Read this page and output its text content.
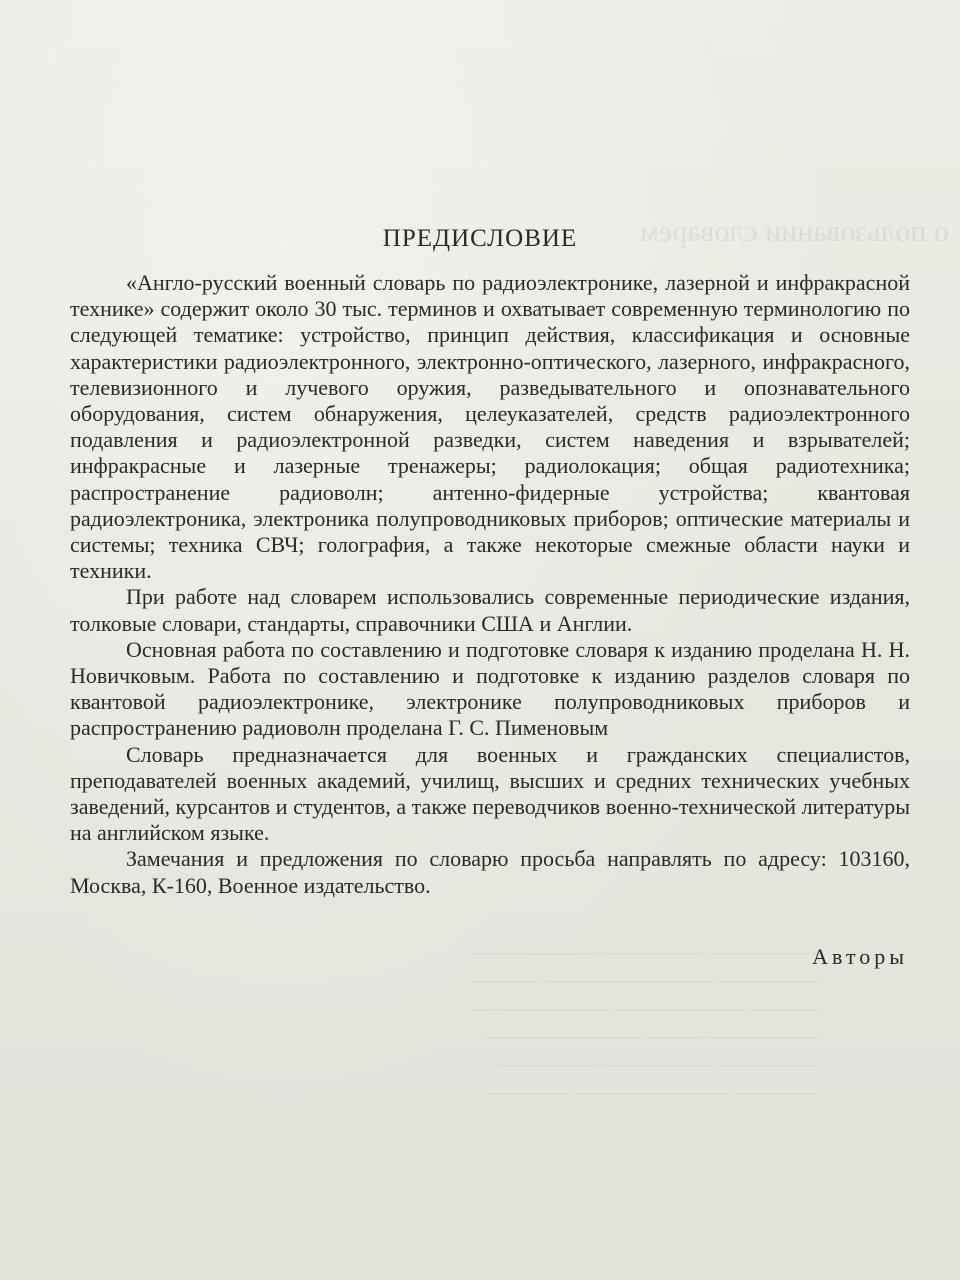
о пользовании словарем
──────── ─────── ─────────
─────── ──────────── ─────
───── ───────── ──────────
──────── ──── ───────────
─────── ──────── ───────
────── ─────────── ──────
ПРЕДИСЛОВИЕ

«Англо-русский военный словарь по радиоэлектронике, лазерной и инфракрасной технике» содержит около 30 тыс. терминов и охватывает современную терминологию по следующей тематике: устройство, принцип действия, классификация и основные характеристики радиоэлектронного, электронно-оптического, лазерного, инфракрасного, телевизионного и лучевого оружия, разведывательного и опознавательного оборудования, систем обнаружения, целеуказателей, средств радиоэлектронного подавления и радиоэлектронной разведки, систем наведения и взрывателей; инфракрасные и лазерные тренажеры; радиолокация; общая радиотехника; распространение радиоволн; антенно-фидерные устройства; квантовая радиоэлектроника, электроника полупроводниковых приборов; оптические материалы и системы; техника СВЧ; голография, а также некоторые смежные области науки и техники.

При работе над словарем использовались современные периодические издания, толковые словари, стандарты, справочники США и Англии.

Основная работа по составлению и подготовке словаря к изданию проделана Н. Н. Новичковым. Работа по составлению и подготовке к изданию разделов словаря по квантовой радиоэлектронике, электронике полупроводниковых приборов и распространению радиоволн проделана Г. С. Пименовым

Словарь предназначается для военных и гражданских специалистов, преподавателей военных академий, училищ, высших и средних технических учебных заведений, курсантов и студентов, а также переводчиков военно-технической литературы на английском языке.

Замечания и предложения по словарю просьба направлять по адресу: 103160, Москва, К-160, Военное издательство.

Авторы
